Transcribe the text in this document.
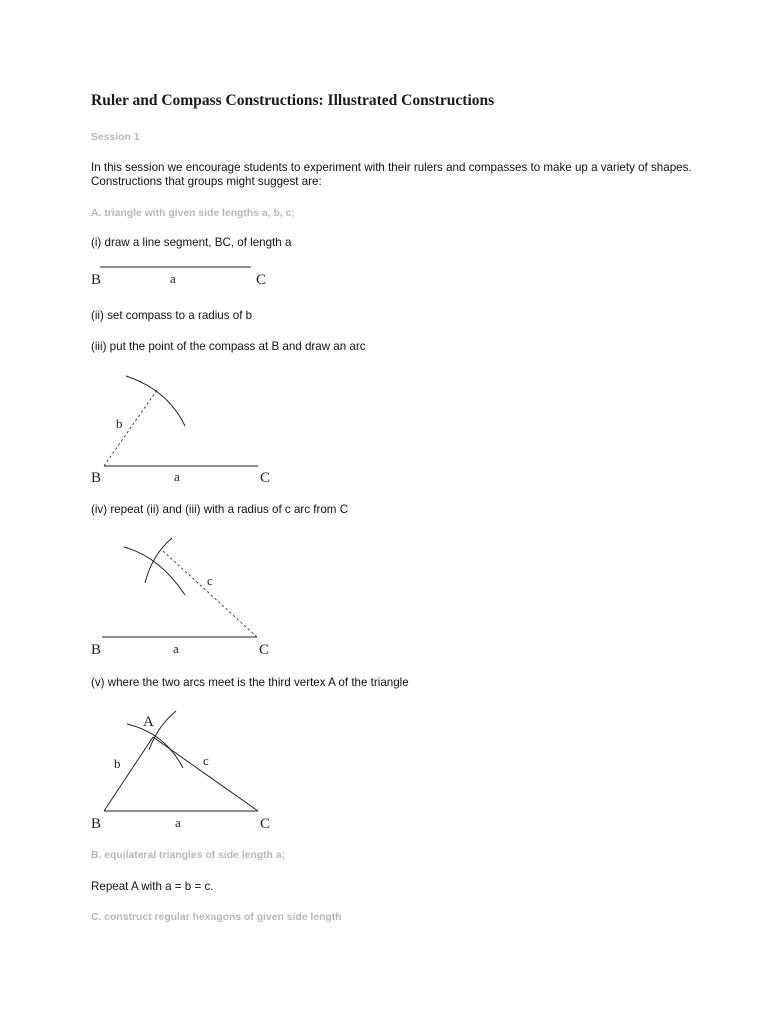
Ruler and Compass Constructions: Illustrated Constructions
Session 1
In this session we encourage students to experiment with their rulers and compasses to make up a variety of shapes.
Constructions that groups might suggest are:
A. triangle with given side lengths a, b, c;
(i) draw a line segment, BC, of length a
B	a	C
(ii) set compass to a radius of b
(iii) put the point of the compass at B and draw an arc
b
B	a	C
(iv) repeat (ii) and (iii) with a radius of c arc from C
c
B	a	C
(v) where the two arcs meet is the third vertex A of the triangle
A
b	c
B	a	C
B. equilateral triangles of side length a;
Repeat A with a = b = c.
C. construct regular hexagons of given side length
